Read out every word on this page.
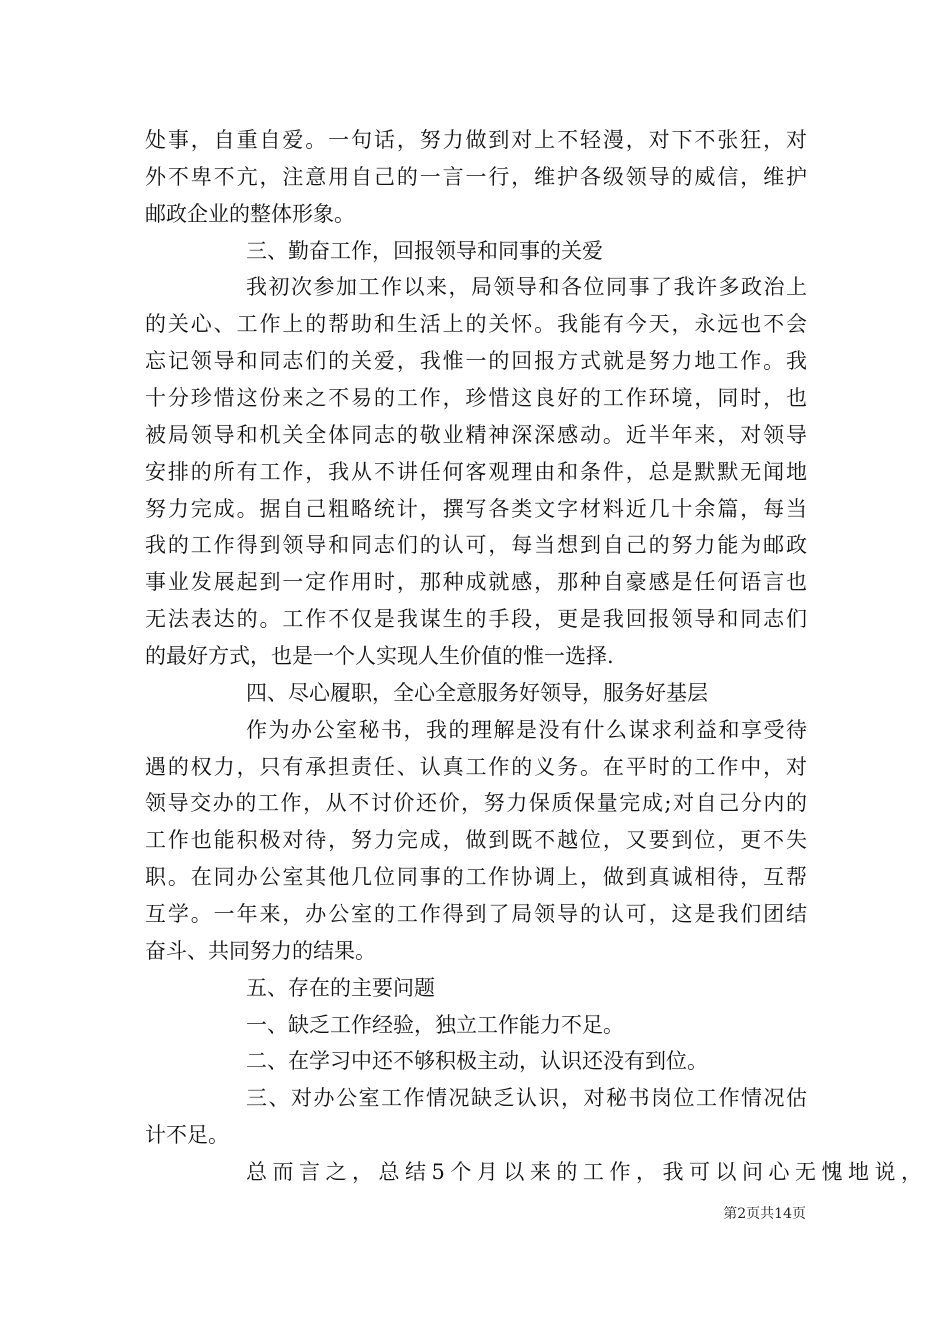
处事，自重自爱。一句话，努力做到对上不轻漫，对下不张狂，对
外不卑不亢，注意用自己的一言一行，维护各级领导的威信，维护
邮政企业的整体形象。
三、勤奋工作，回报领导和同事的关爱
我初次参加工作以来，局领导和各位同事了我许多政治上
的关心、工作上的帮助和生活上的关怀。我能有今天，永远也不会
忘记领导和同志们的关爱，我惟一的回报方式就是努力地工作。我
十分珍惜这份来之不易的工作，珍惜这良好的工作环境，同时，也
被局领导和机关全体同志的敬业精神深深感动。近半年来，对领导
安排的所有工作，我从不讲任何客观理由和条件，总是默默无闻地
努力完成。据自己粗略统计，撰写各类文字材料近几十余篇，每当
我的工作得到领导和同志们的认可，每当想到自己的努力能为邮政
事业发展起到一定作用时，那种成就感，那种自豪感是任何语言也
无法表达的。工作不仅是我谋生的手段，更是我回报领导和同志们
的最好方式，也是一个人实现人生价值的惟一选择.
四、尽心履职，全心全意服务好领导，服务好基层
作为办公室秘书，我的理解是没有什么谋求利益和享受待
遇的权力，只有承担责任、认真工作的义务。在平时的工作中，对
领导交办的工作，从不讨价还价，努力保质保量完成;对自己分内的
工作也能积极对待，努力完成，做到既不越位，又要到位，更不失
职。在同办公室其他几位同事的工作协调上，做到真诚相待，互帮
互学。一年来，办公室的工作得到了局领导的认可，这是我们团结
奋斗、共同努力的结果。
五、存在的主要问题
一、缺乏工作经验，独立工作能力不足。
二、在学习中还不够积极主动，认识还没有到位。
三、对办公室工作情况缺乏认识，对秘书岗位工作情况估
计不足。
总而言之，总结5个月以来的工作，我可以问心无愧地说，
第2页共14页
